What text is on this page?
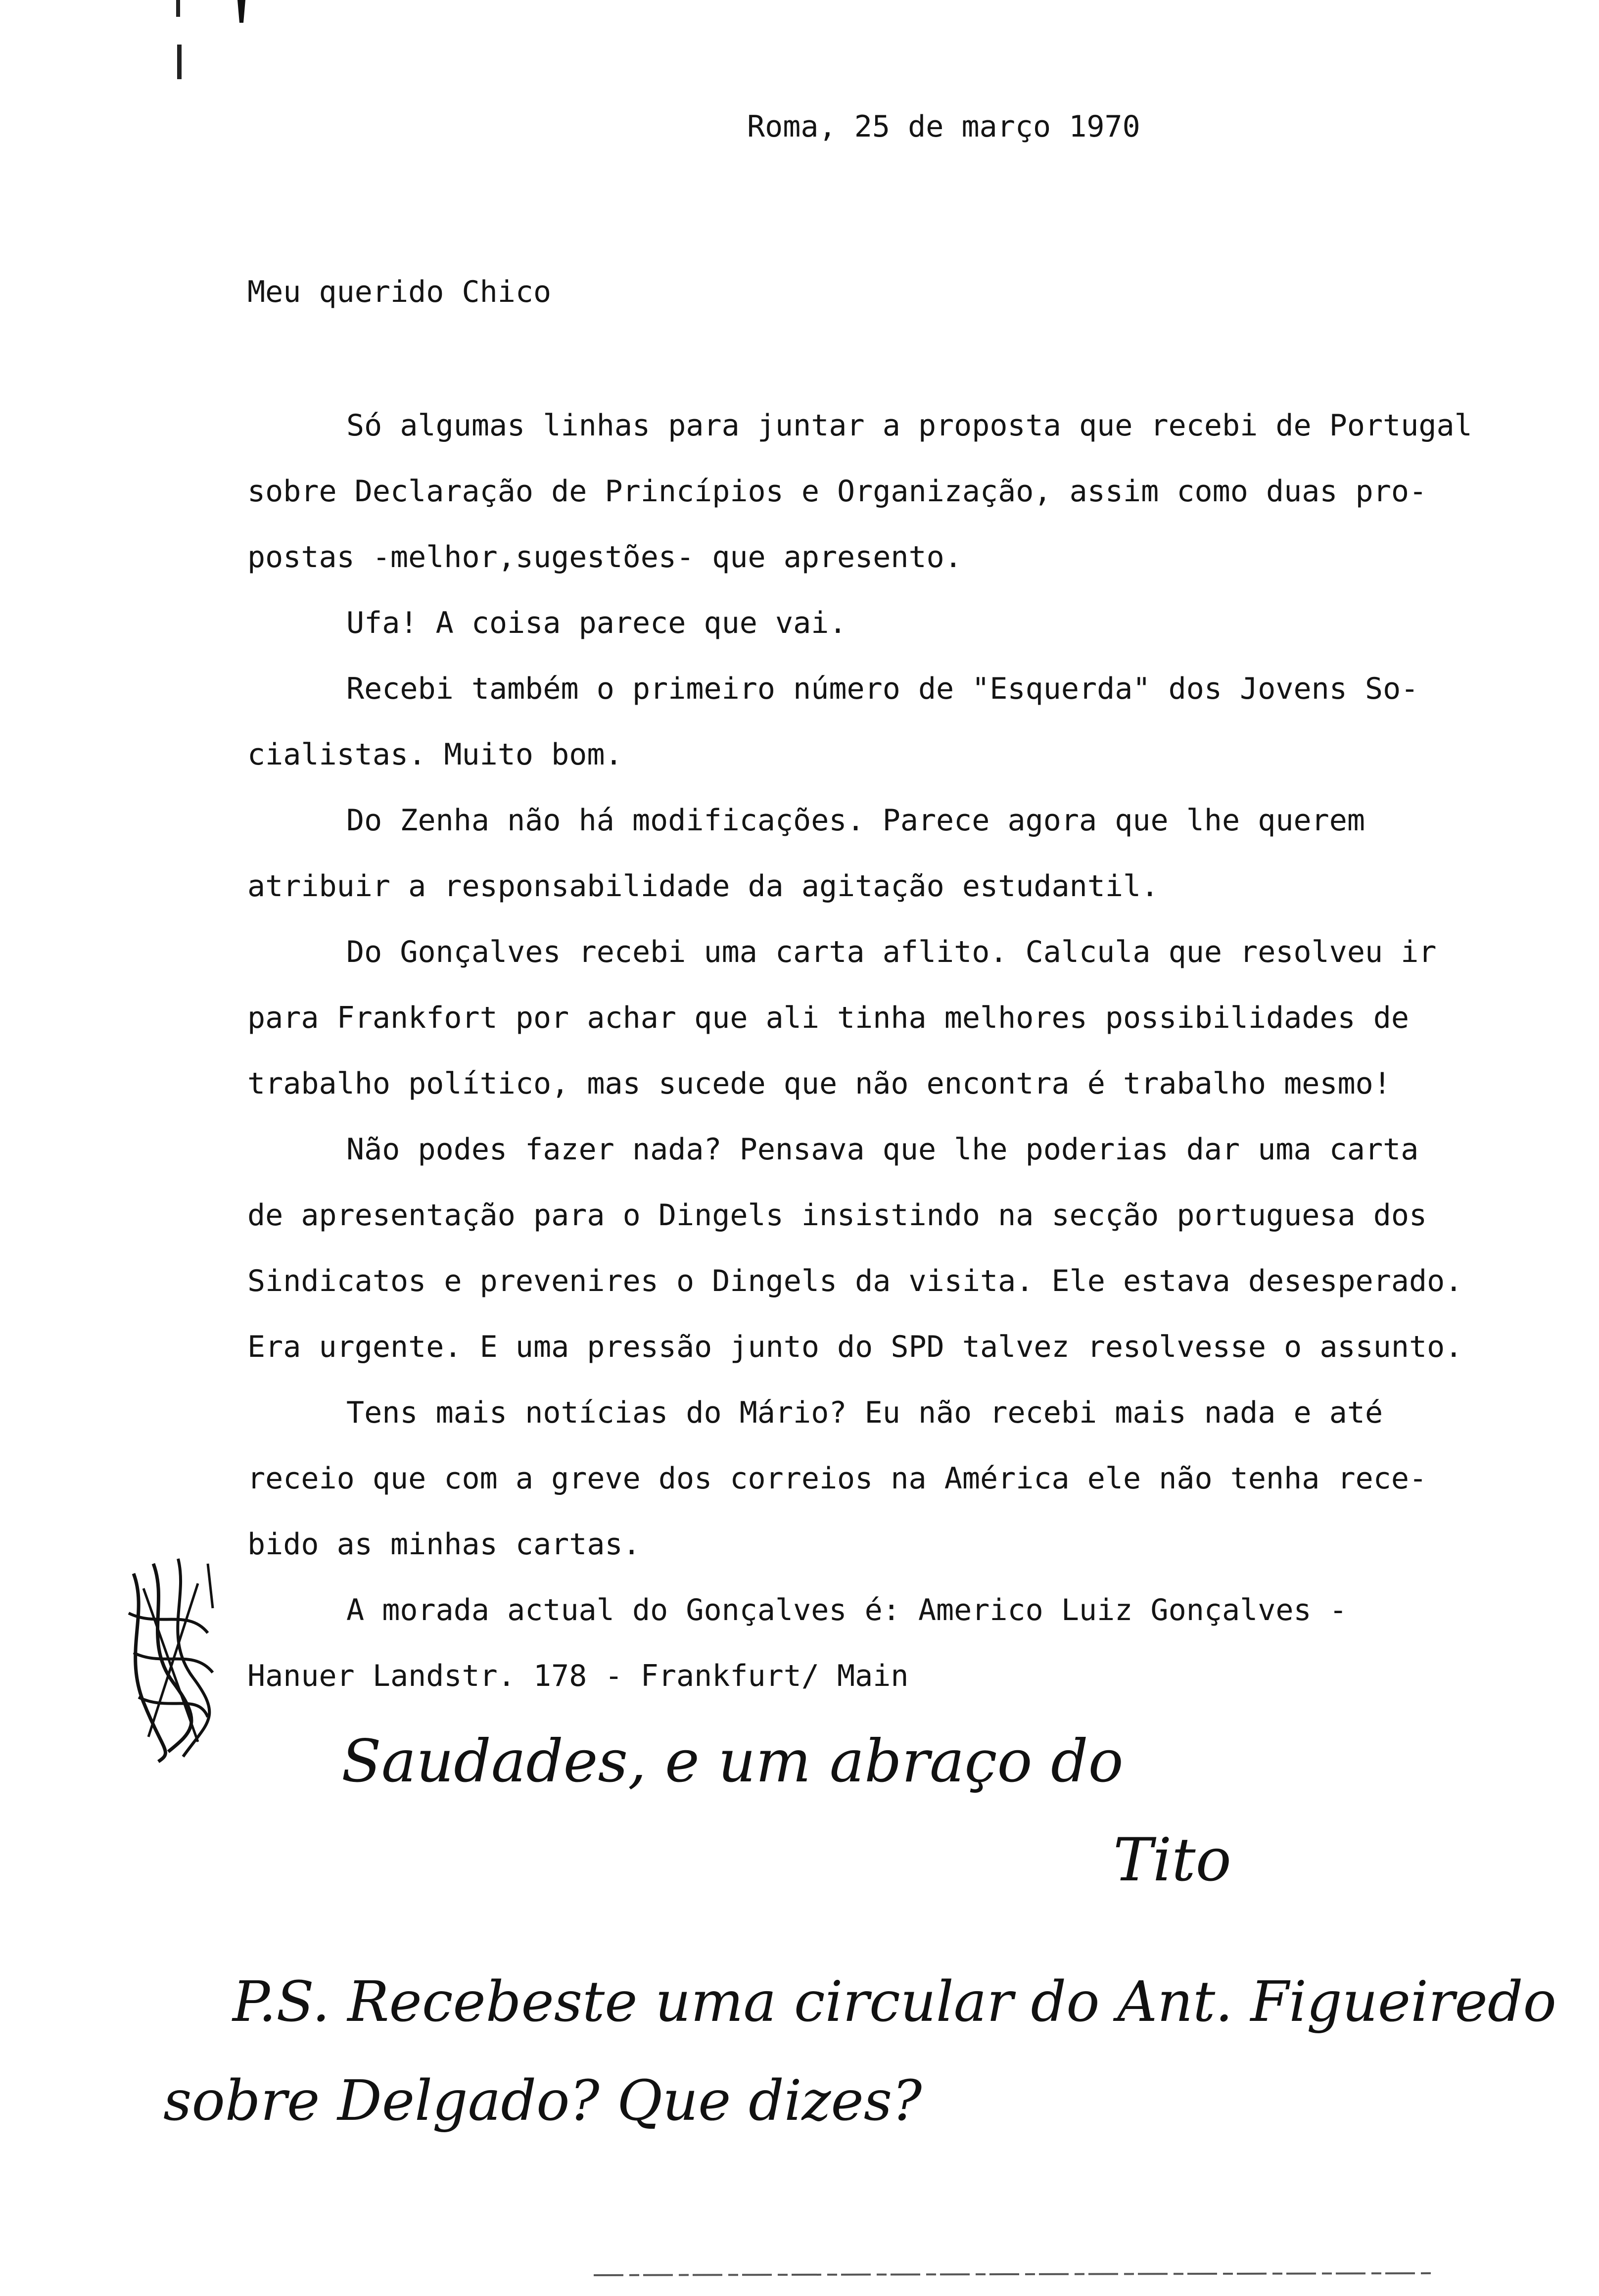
Roma, 25 de março 1970
Meu querido Chico
Só algumas linhas para juntar a proposta que recebi de Portugal
sobre Declaração de Princípios e Organização, assim como duas pro-
postas -melhor,sugestões- que apresento.
Ufa! A coisa parece que vai.
Recebi também o primeiro número de "Esquerda" dos Jovens So-
cialistas. Muito bom.
Do Zenha não há modificações. Parece agora que lhe querem
atribuir a responsabilidade da agitação estudantil.
Do Gonçalves recebi uma carta aflito. Calcula que resolveu ir
para Frankfort por achar que ali tinha melhores possibilidades de
trabalho político, mas sucede que não encontra é trabalho mesmo!
Não podes fazer nada? Pensava que lhe poderias dar uma carta
de apresentação para o Dingels insistindo na secção portuguesa dos
Sindicatos e prevenires o Dingels da visita. Ele estava desesperado.
Era urgente. E uma pressão junto do SPD talvez resolvesse o assunto.
Tens mais notícias do Mário? Eu não recebi mais nada e até
receio que com a greve dos correios na América ele não tenha rece-
bido as minhas cartas.
A morada actual do Gonçalves é: Americo Luiz Gonçalves -
Hanuer Landstr. 178 - Frankfurt/ Main
Saudades, e um abraço do
Tito
P.S. Recebeste uma circular do Ant. Figueiredo
sobre Delgado? Que dizes?
